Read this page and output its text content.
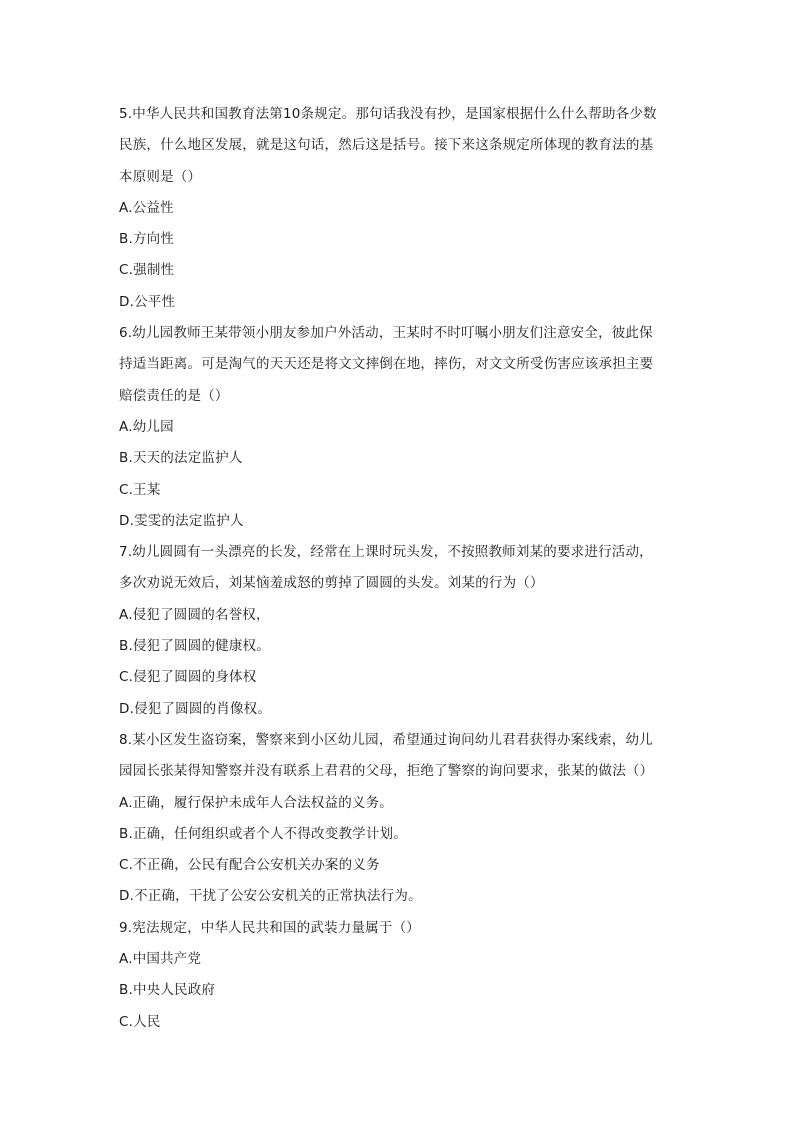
5.中华人民共和国教育法第10条规定。那句话我没有抄，是国家根据什么什么帮助各少数
民族，什么地区发展，就是这句话，然后这是括号。接下来这条规定所体现的教育法的基
本原则是（）
A.公益性
B.方向性
C.强制性
D.公平性
6.幼儿园教师王某带领小朋友参加户外活动，王某时不时叮嘱小朋友们注意安全，彼此保
持适当距离。可是淘气的天天还是将文文摔倒在地，摔伤，对文文所受伤害应该承担主要
赔偿责任的是（）
A.幼儿园
B.天天的法定监护人
C.王某
D.雯雯的法定监护人
7.幼儿圆圆有一头漂亮的长发，经常在上课时玩头发，不按照教师刘某的要求进行活动，
多次劝说无效后，刘某恼羞成怒的剪掉了圆圆的头发。刘某的行为（）
A.侵犯了圆圆的名誉权，
B.侵犯了圆圆的健康权。
C.侵犯了圆圆的身体权
D.侵犯了圆圆的肖像权。
8.某小区发生盗窃案，警察来到小区幼儿园，希望通过询问幼儿君君获得办案线索，幼儿
园园长张某得知警察并没有联系上君君的父母，拒绝了警察的询问要求，张某的做法（）
A.正确，履行保护未成年人合法权益的义务。
B.正确，任何组织或者个人不得改变教学计划。
C.不正确，公民有配合公安机关办案的义务
D.不正确，干扰了公安公安机关的正常执法行为。
9.宪法规定，中华人民共和国的武装力量属于（）
A.中国共产党
B.中央人民政府
C.人民
